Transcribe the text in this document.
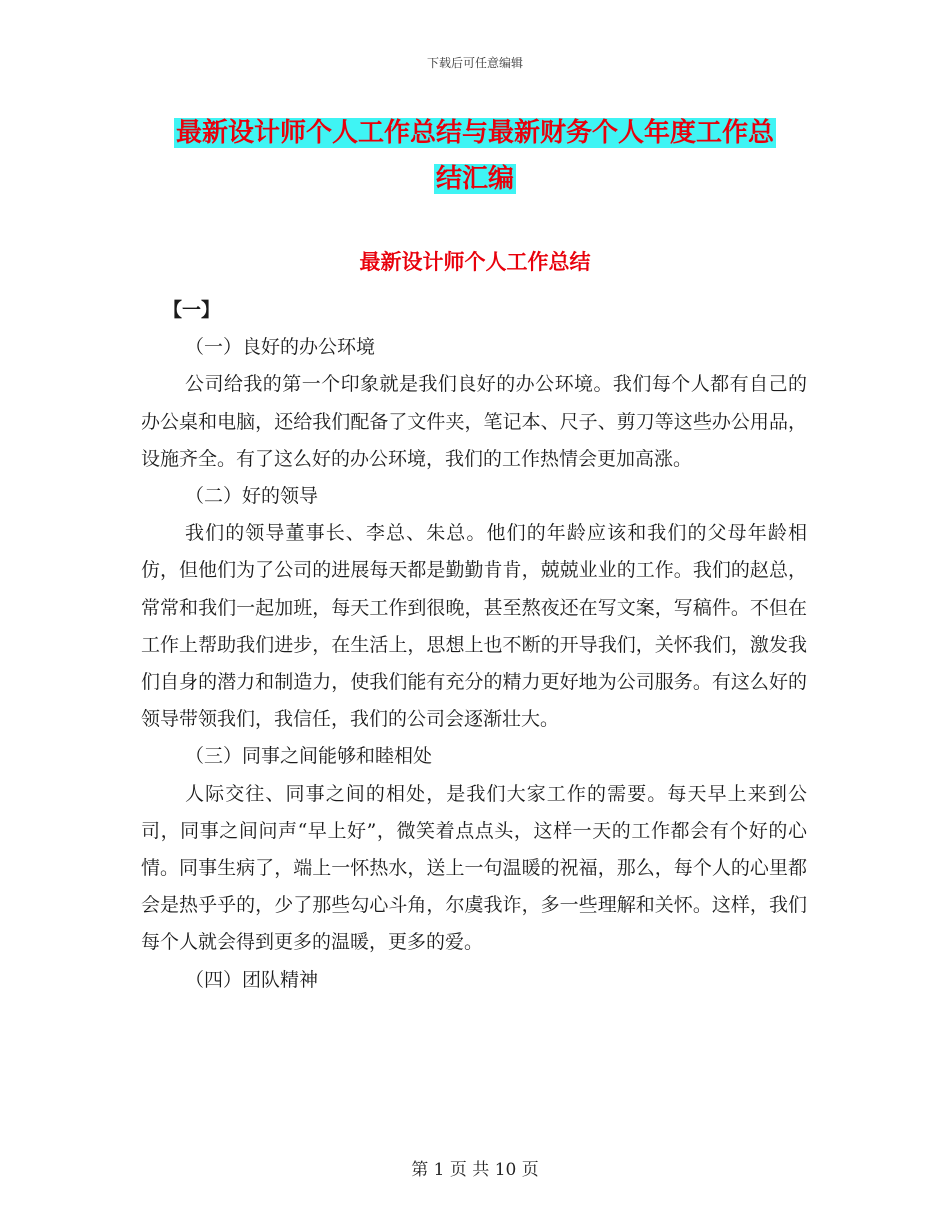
下载后可任意编辑
最新设计师个人工作总结与最新财务个人年度工作总
结汇编
最新设计师个人工作总结

【一】

（一）良好的办公环境

公司给我的第一个印象就是我们良好的办公环境。我们每个人都有自己的办公桌和电脑，还给我们配备了文件夹，笔记本、尺子、剪刀等这些办公用品，设施齐全。有了这么好的办公环境，我们的工作热情会更加高涨。

（二）好的领导

我们的领导董事长、李总、朱总。他们的年龄应该和我们的父母年龄相仿，但他们为了公司的进展每天都是勤勤肯肯，兢兢业业的工作。我们的赵总，常常和我们一起加班，每天工作到很晚，甚至熬夜还在写文案，写稿件。不但在工作上帮助我们进步，在生活上，思想上也不断的开导我们，关怀我们，激发我们自身的潜力和制造力，使我们能有充分的精力更好地为公司服务。有这么好的领导带领我们，我信任，我们的公司会逐渐壮大。

（三）同事之间能够和睦相处

人际交往、同事之间的相处，是我们大家工作的需要。每天早上来到公司，同事之间问声“早上好”，微笑着点点头，这样一天的工作都会有个好的心情。同事生病了，端上一怀热水，送上一句温暖的祝福，那么，每个人的心里都会是热乎乎的，少了那些勾心斗角，尔虞我诈，多一些理解和关怀。这样，我们每个人就会得到更多的温暖，更多的爱。

（四）团队精神

第 1 页 共 10 页
